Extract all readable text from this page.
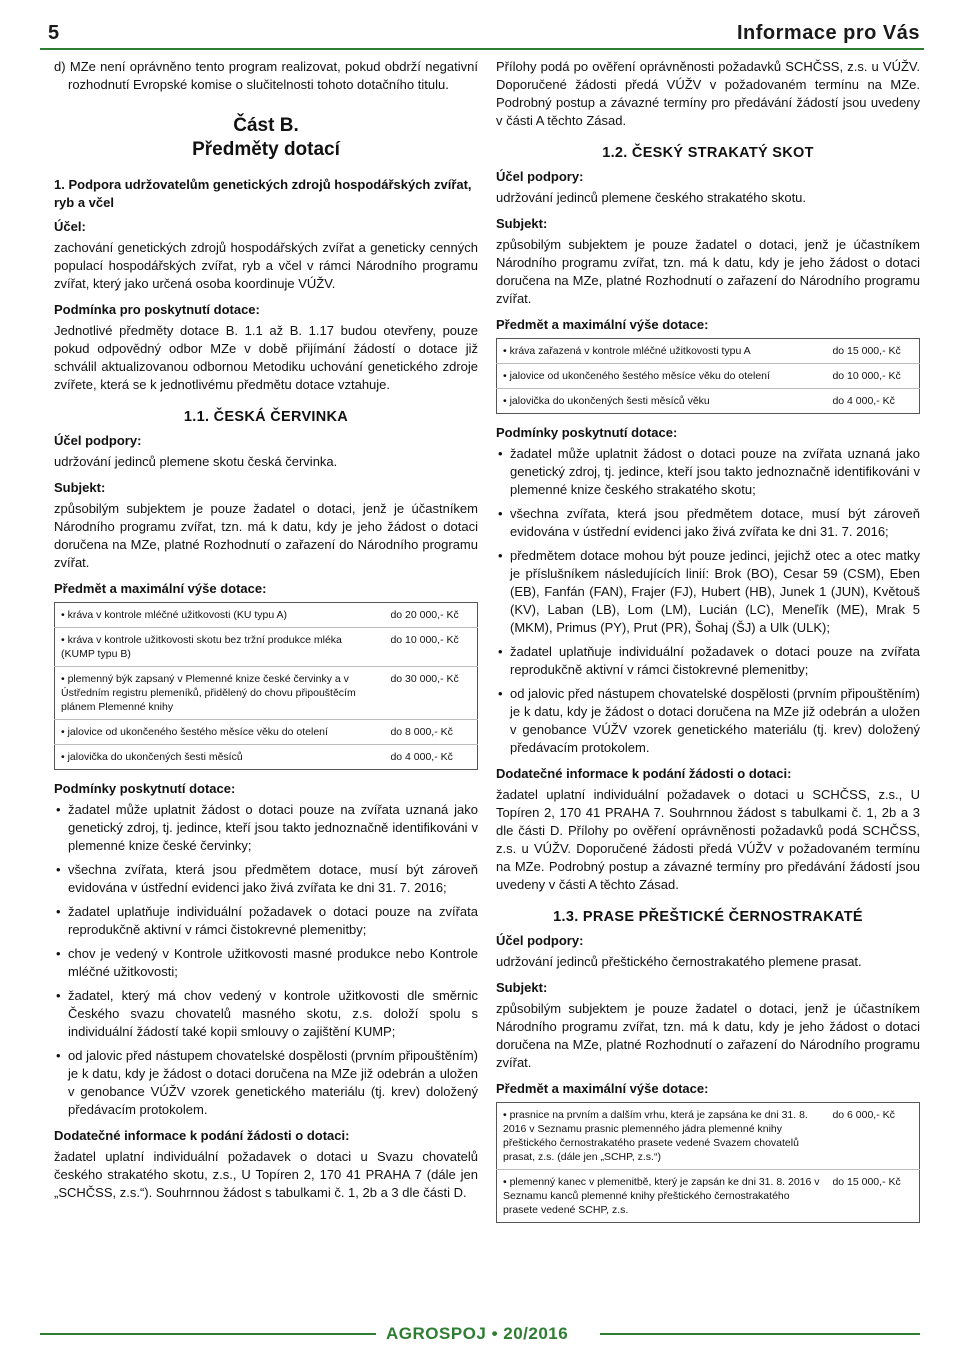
5	Informace pro Vás

d) MZe není oprávněno tento program realizovat, pokud obdrží negativní rozhodnutí Evropské komise o slučitelnosti tohoto dotačního titulu.

Část B.
Předměty dotací
1. Podpora udržovatelům genetických zdrojů hospodářských zvířat, ryb a včel
Účel:

zachování genetických zdrojů hospodářských zvířat a geneticky cenných populací hospodářských zvířat, ryb a včel v rámci Národního programu zvířat, který jako určená osoba koordinuje VÚŽV.

Podmínka pro poskytnutí dotace:

Jednotlivé předměty dotace B. 1.1 až B. 1.17 budou otevřeny, pouze pokud odpovědný odbor MZe v době přijímání žádostí o dotace již schválil aktualizovanou odbornou Metodiku uchování genetického zdroje zvířete, která se k jednotlivému předmětu dotace vztahuje.

1.1. ČESKÁ ČERVINKA
Účel podpory:

udržování jedinců plemene skotu česká červinka.

Subjekt:

způsobilým subjektem je pouze žadatel o dotaci, jenž je účastníkem Národního programu zvířat, tzn. má k datu, kdy je jeho žádost o dotaci doručena na MZe, platné Rozhodnutí o zařazení do Národního programu zvířat.

Předmět a maximální výše dotace:
• kráva v kontrole mléčné užitkovosti (KU typu A)	do 20 000,- Kč
• kráva v kontrole užitkovosti skotu bez tržní produkce mléka (KUMP typu B)	do 10 000,- Kč
• plemenný býk zapsaný v Plemenné knize české červinky a v Ústředním registru plemeníků, přidělený do chovu připouštěcím plánem Plemenné knihy	do 30 000,- Kč
• jalovice od ukončeného šestého měsíce věku do otelení	do 8 000,- Kč
• jalovička do ukončených šesti měsíců	do 4 000,- Kč
Podmínky poskytnutí dotace:
• žadatel může uplatnit žádost o dotaci pouze na zvířata uznaná jako genetický zdroj, tj. jedince, kteří jsou takto jednoznačně identifikováni v plemenné knize české červinky;
• všechna zvířata, která jsou předmětem dotace, musí být zároveň evidována v ústřední evidenci jako živá zvířata ke dni 31. 7. 2016;
• žadatel uplatňuje individuální požadavek o dotaci pouze na zvířata reprodukčně aktivní v rámci čistokrevné plemenitby;
• chov je vedený v Kontrole užitkovosti masné produkce nebo Kontrole mléčné užitkovosti;
• žadatel, který má chov vedený v kontrole užitkovosti dle směrnic Českého svazu chovatelů masného skotu, z.s. doloží spolu s individuální žádostí také kopii smlouvy o zajištění KUMP;
• od jalovic před nástupem chovatelské dospělosti (prvním připouštěním) je k datu, kdy je žádost o dotaci doručena na MZe již odebrán a uložen v genobance VÚŽV vzorek genetického materiálu (tj. krev) doložený předávacím protokolem.
Dodatečné informace k podání žádosti o dotaci:

žadatel uplatní individuální požadavek o dotaci u Svazu chovatelů českého strakatého skotu, z.s., U Topíren 2, 170 41 PRAHA 7 (dále jen „SCHČSS, z.s.“). Souhrnnou žádost s tabulkami č. 1, 2b a 3 dle části D.

Přílohy podá po ověření oprávněnosti požadavků SCHČSS, z.s. u VÚŽV. Doporučené žádosti předá VÚŽV v požadovaném termínu na MZe. Podrobný postup a závazné termíny pro předávání žádostí jsou uvedeny v části A těchto Zásad.

1.2. ČESKÝ STRAKATÝ SKOT
Účel podpory:

udržování jedinců plemene českého strakatého skotu.

Subjekt:

způsobilým subjektem je pouze žadatel o dotaci, jenž je účastníkem Národního programu zvířat, tzn. má k datu, kdy je jeho žádost o dotaci doručena na MZe, platné Rozhodnutí o zařazení do Národního programu zvířat.

Předmět a maximální výše dotace:
• kráva zařazená v kontrole mléčné užitkovosti typu A	do 15 000,- Kč
• jalovice od ukončeného šestého měsíce věku do otelení	do 10 000,- Kč
• jalovička do ukončených šesti měsíců věku	do 4 000,- Kč
Podmínky poskytnutí dotace:
• žadatel může uplatnit žádost o dotaci pouze na zvířata uznaná jako genetický zdroj, tj. jedince, kteří jsou takto jednoznačně identifikováni v plemenné knize českého strakatého skotu;
• všechna zvířata, která jsou předmětem dotace, musí být zároveň evidována v ústřední evidenci jako živá zvířata ke dni 31. 7. 2016;
• předmětem dotace mohou být pouze jedinci, jejichž otec a otec matky je příslušníkem následujících linií: Brok (BO), Cesar 59 (CSM), Eben (EB), Fanfán (FAN), Frajer (FJ), Hubert (HB), Junek 1 (JUN), Květouš (KV), Laban (LB), Lom (LM), Lucián (LC), Meneľík (ME), Mrak 5 (MKM), Primus (PY), Prut (PR), Šohaj (ŠJ) a Ulk (ULK);
• žadatel uplatňuje individuální požadavek o dotaci pouze na zvířata reprodukčně aktivní v rámci čistokrevné plemenitby;
• od jalovic před nástupem chovatelské dospělosti (prvním připouštěním) je k datu, kdy je žádost o dotaci doručena na MZe již odebrán a uložen v genobance VÚŽV vzorek genetického materiálu (tj. krev) doložený předávacím protokolem.
Dodatečné informace k podání žádosti o dotaci:

žadatel uplatní individuální požadavek o dotaci u SCHČSS, z.s., U Topíren 2, 170 41 PRAHA 7. Souhrnnou žádost s tabulkami č. 1, 2b a 3 dle části D. Přílohy po ověření oprávněnosti požadavků podá SCHČSS, z.s. u VÚŽV. Doporučené žádosti předá VÚŽV v požadovaném termínu na MZe. Podrobný postup a závazné termíny pro předávání žádostí jsou uvedeny v části A těchto Zásad.

1.3. PRASE PŘEŠTICKÉ ČERNOSTRAKATÉ
Účel podpory:

udržování jedinců přeštického černostrakatého plemene prasat.

Subjekt:

způsobilým subjektem je pouze žadatel o dotaci, jenž je účastníkem Národního programu zvířat, tzn. má k datu, kdy je jeho žádost o dotaci doručena na MZe, platné Rozhodnutí o zařazení do Národního programu zvířat.

Předmět a maximální výše dotace:
• prasnice na prvním a dalším vrhu, která je zapsána ke dni 31. 8. 2016 v Seznamu prasnic plemenného jádra plemenné knihy přeštického černostrakatého prasete vedené Svazem chovatelů prasat, z.s. (dále jen „SCHP, z.s.“)	do 6 000,- Kč
• plemenný kanec v plemenitbě, který je zapsán ke dni 31. 8. 2016 v Seznamu kanců plemenné knihy přeštického černostrakatého prasete vedené SCHP, z.s.	do 15 000,- Kč
AGROSPOJ • 20/2016
